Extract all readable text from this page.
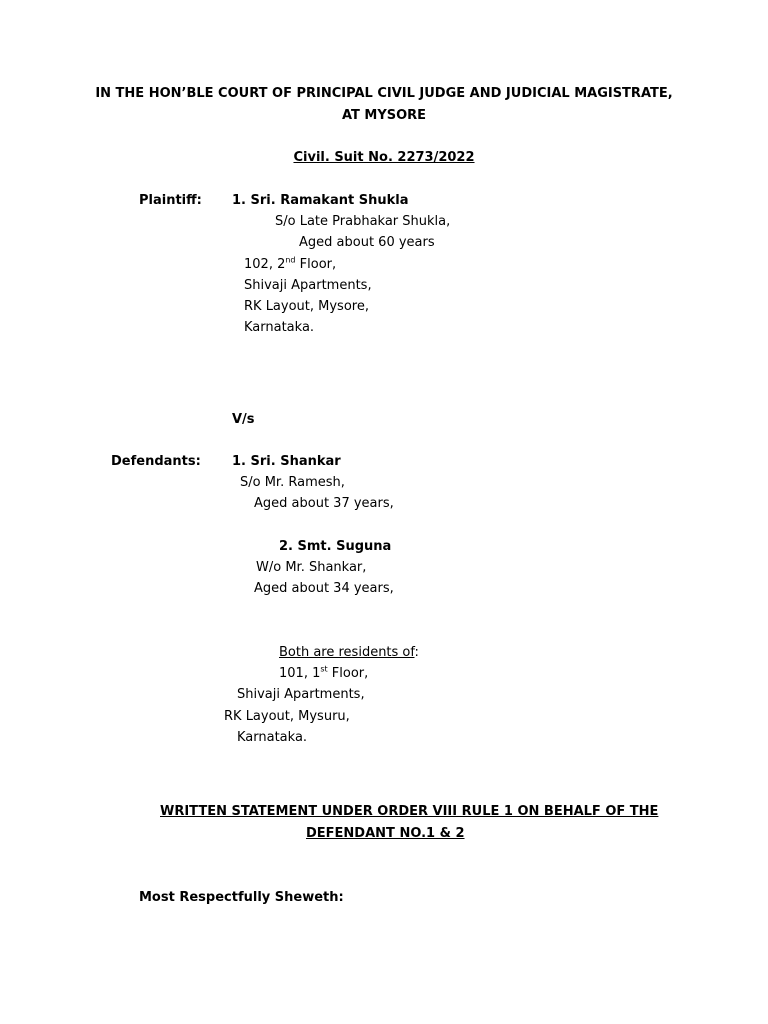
IN THE HON’BLE COURT OF PRINCIPAL CIVIL JUDGE AND JUDICIAL MAGISTRATE,
AT MYSORE
Civil. Suit No. 2273/2022
Plaintiff: 1. Sri. Ramakant Shukla
S/o Late Prabhakar Shukla,
Aged about 60 years
102, 2nd Floor,
Shivaji Apartments,
RK Layout, Mysore,
Karnataka.
V/s
Defendants: 1. Sri. Shankar
S/o Mr. Ramesh,
Aged about 37 years,
2. Smt. Suguna
W/o Mr. Shankar,
Aged about 34 years,
Both are residents of:
101, 1st Floor,
Shivaji Apartments,
RK Layout, Mysuru,
Karnataka.
WRITTEN STATEMENT UNDER ORDER VIII RULE 1 ON BEHALF OF THE
DEFENDANT NO.1 & 2
Most Respectfully Sheweth:
